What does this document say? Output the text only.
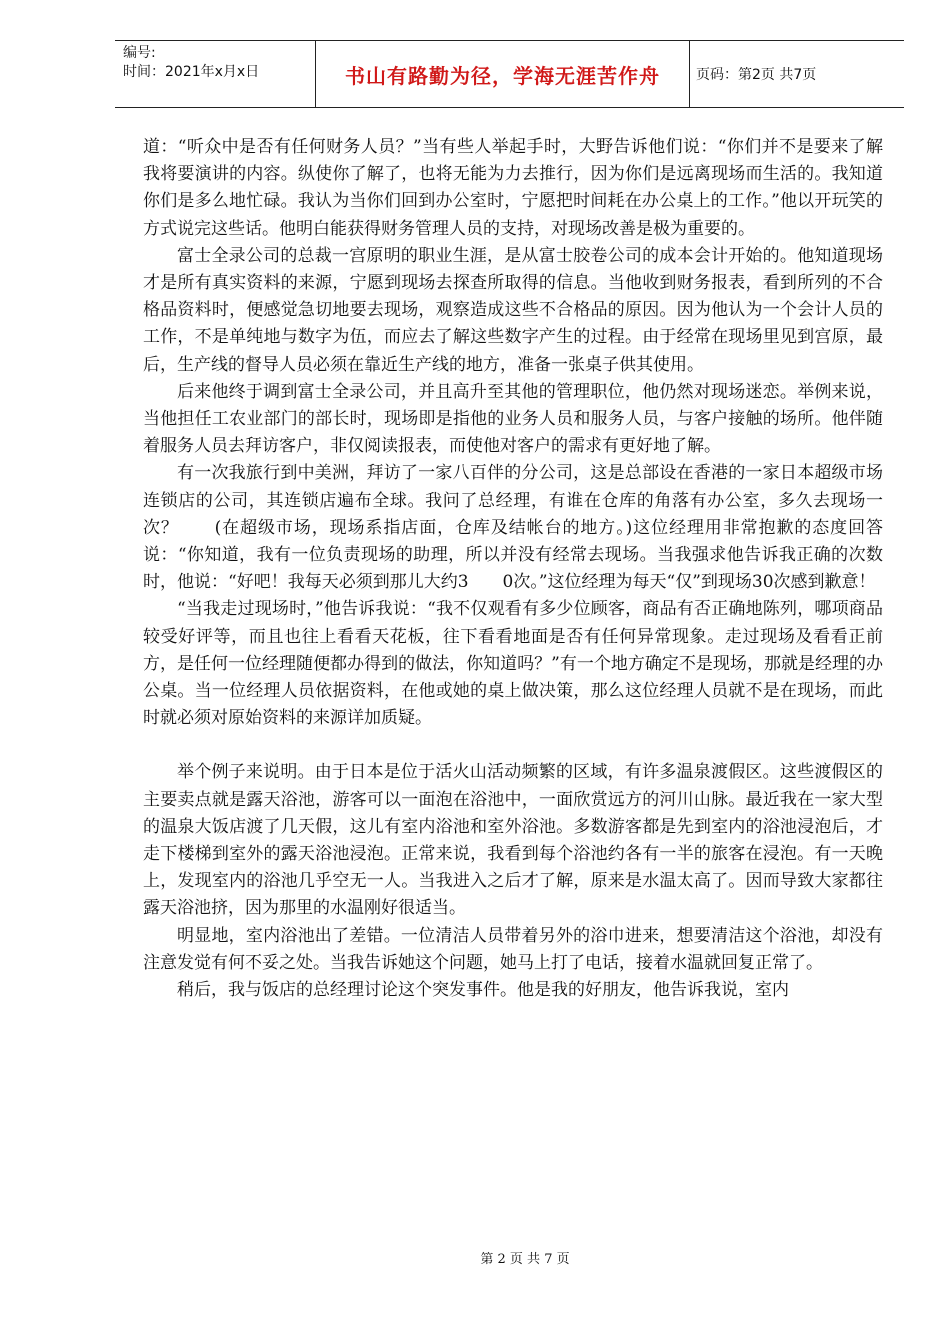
编号:
时间：2021年x月x日	书山有路勤为径，学海无涯苦作舟	页码：第2页 共7页

道：“听众中是否有任何财务人员？”当有些人举起手时，大野告诉他们说：“你们并不是要来了解我将要演讲的内容。纵使你了解了，也将无能为力去推行，因为你们是远离现场而生活的。我知道你们是多么地忙碌。我认为当你们回到办公室时，宁愿把时间耗在办公桌上的工作。”他以开玩笑的方式说完这些话。他明白能获得财务管理人员的支持，对现场改善是极为重要的。

富士全录公司的总裁一宫原明的职业生涯，是从富士胶卷公司的成本会计开始的。他知道现场才是所有真实资料的来源，宁愿到现场去探查所取得的信息。当他收到财务报表，看到所列的不合格品资料时，便感觉急切地要去现场，观察造成这些不合格品的原因。因为他认为一个会计人员的工作，不是单纯地与数字为伍，而应去了解这些数字产生的过程。由于经常在现场里见到宫原，最后，生产线的督导人员必须在靠近生产线的地方，准备一张桌子供其使用。

后来他终于调到富士全录公司，并且高升至其他的管理职位，他仍然对现场迷恋。举例来说，当他担任工农业部门的部长时，现场即是指他的业务人员和服务人员，与客户接触的场所。他伴随着服务人员去拜访客户，非仅阅读报表，而使他对客户的需求有更好地了解。

有一次我旅行到中美洲，拜访了一家八百伴的分公司，这是总部设在香港的一家日本超级市场连锁店的公司，其连锁店遍布全球。我问了总经理，有谁在仓库的角落有办公室，多久去现场一次？　　(在超级市场，现场系指店面，仓库及结帐台的地方。)这位经理用非常抱歉的态度回答说：“你知道，我有一位负责现场的助理，所以并没有经常去现场。当我强求他告诉我正确的次数时，他说：“好吧！我每天必须到那儿大约3　　0次。”这位经理为每天“仅”到现场30次感到歉意！

“当我走过现场时，”他告诉我说：“我不仅观看有多少位顾客，商品有否正确地陈列，哪项商品较受好评等，而且也往上看看天花板，往下看看地面是否有任何异常现象。走过现场及看看正前方，是任何一位经理随便都办得到的做法，你知道吗？”有一个地方确定不是现场，那就是经理的办公桌。当一位经理人员依据资料，在他或她的桌上做决策，那么这位经理人员就不是在现场，而此时就必须对原始资料的来源详加质疑。

举个例子来说明。由于日本是位于活火山活动频繁的区域，有许多温泉渡假区。这些渡假区的主要卖点就是露天浴池，游客可以一面泡在浴池中，一面欣赏远方的河川山脉。最近我在一家大型的温泉大饭店渡了几天假，这儿有室内浴池和室外浴池。多数游客都是先到室内的浴池浸泡后，才走下楼梯到室外的露天浴池浸泡。正常来说，我看到每个浴池约各有一半的旅客在浸泡。有一天晚上，发现室内的浴池几乎空无一人。当我进入之后才了解，原来是水温太高了。因而导致大家都往露天浴池挤，因为那里的水温刚好很适当。

明显地，室内浴池出了差错。一位清洁人员带着另外的浴巾进来，想要清洁这个浴池，却没有注意发觉有何不妥之处。当我告诉她这个问题，她马上打了电话，接着水温就回复正常了。

稍后，我与饭店的总经理讨论这个突发事件。他是我的好朋友，他告诉我说，室内

第 2 页 共 7 页
